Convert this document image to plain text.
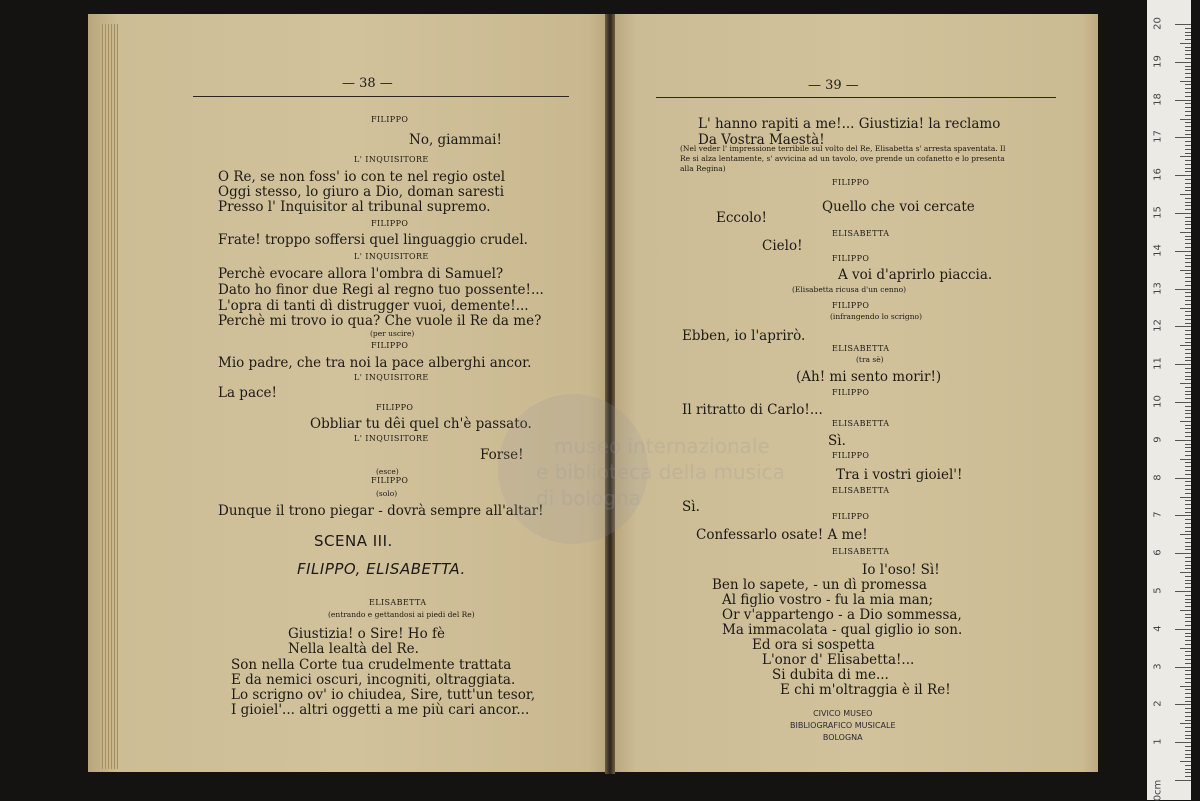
— 38 —
FILIPPO
No, giammai!
L' INQUISITORE
O Re, se non foss' io con te nel regio ostel
Oggi stesso, lo giuro a Dio, doman saresti
Presso l' Inquisitor al tribunal supremo.
FILIPPO
Frate! troppo soffersi quel linguaggio crudel.
L' INQUISITORE
Perchè evocare allora l'ombra di Samuel?
Dato ho finor due Regi al regno tuo possente!...
L'opra di tanti dì distrugger vuoi, demente!...
Perchè mi trovo io qua? Che vuole il Re da me?
(per uscire)
FILIPPO
Mio padre, che tra noi la pace alberghi ancor.
L' INQUISITORE
La pace!
FILIPPO
Obbliar tu dêi quel ch'è passato.
L' INQUISITORE
Forse!
(esce)
FILIPPO
(solo)
Dunque il trono piegar - dovrà sempre all'altar!
SCENA III.
FILIPPO, ELISABETTA.
ELISABETTA
(entrando e gettandosi ai piedi del Re)
Giustizia! o Sire! Ho fè
Nella lealtà del Re.
Son nella Corte tua crudelmente trattata
E da nemici oscuri, incogniti, oltraggiata.
Lo scrigno ov' io chiudea, Sire, tutt'un tesor,
I gioiel'... altri oggetti a me più cari ancor...
— 39 —
L' hanno rapiti a me!... Giustizia! la reclamo
Da Vostra Maestà!
(Nel veder l' impressione terribile sul volto del Re, Elisabetta s' arresta spaventata. Il
Re si alza lentamente, s' avvicina ad un tavolo, ove prende un cofanetto e lo presenta
alla Regina)
FILIPPO
Quello che voi cercate
Eccolo!
ELISABETTA
Cielo!
FILIPPO
A voi d'aprirlo piaccia.
(Elisabetta ricusa d'un cenno)
FILIPPO
(infrangendo lo scrigno)
Ebben, io l'aprirò.
ELISABETTA
(tra sè)
(Ah! mi sento morir!)
FILIPPO
Il ritratto di Carlo!...
ELISABETTA
Sì.
FILIPPO
Tra i vostri gioiel'!
ELISABETTA
Sì.
FILIPPO
Confessarlo osate! A me!
ELISABETTA
Io l'oso! Sì!
Ben lo sapete, - un dì promessa
Al figlio vostro - fu la mia man;
Or v'appartengo - a Dio sommessa,
Ma immacolata - qual giglio io son.
Ed ora si sospetta
L'onor d' Elisabetta!...
Si dubita di me...
E chi m'oltraggia è il Re!
CIVICO MUSEO
BIBLIOGRAFICO MUSICALE
BOLOGNA
museo internazionale
e biblioteca della musica
di bologna
20
19
18
17
16
15
14
13
12
11
10
9
8
7
6
5
4
3
2
1
0cm
